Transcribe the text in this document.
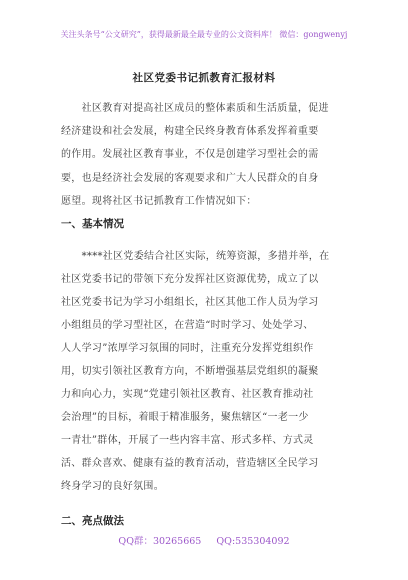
关注头条号“公文研究”，获得最新最全最专业的公文资料库！ 微信：gongwenyj
社区党委书记抓教育汇报材料
　　社区教育对提高社区成员的整体素质和生活质量，促进
经济建设和社会发展，构建全民终身教育体系发挥着重要
的作用。发展社区教育事业，不仅是创建学习型社会的需
要，也是经济社会发展的客观要求和广大人民群众的自身
愿望。现将社区书记抓教育工作情况如下：
一、基本情况
　　****社区党委结合社区实际，统筹资源，多措并举，在
社区党委书记的带领下充分发挥社区资源优势，成立了以
社区党委书记为学习小组组长，社区其他工作人员为学习
小组组员的学习型社区，在营造“时时学习、处处学习、
人人学习”浓厚学习氛围的同时，注重充分发挥党组织作
用，切实引领社区教育方向，不断增强基层党组织的凝聚
力和向心力，实现“党建引领社区教育、社区教育推动社
会治理”的目标，着眼于精准服务，聚焦辖区“一老一少
一青壮”群体，开展了一些内容丰富、形式多样、方式灵
活、群众喜欢、健康有益的教育活动，营造辖区全民学习
终身学习的良好氛围。
二、亮点做法
QQ群：30265665 QQ:535304092
